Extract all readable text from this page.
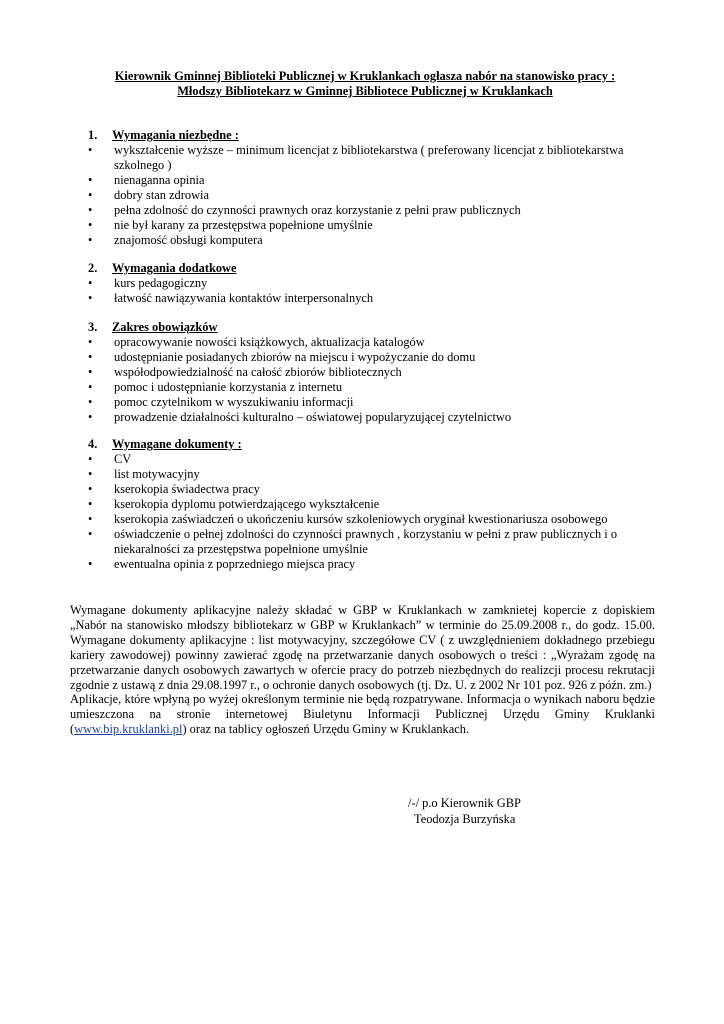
Kierownik Gminnej Biblioteki Publicznej w Kruklankach ogłasza nabór na stanowisko pracy :
Młodszy Bibliotekarz w Gminnej Bibliotece Publicznej w Kruklankach
1.	Wymagania niezbędne :
•	wykształcenie wyższe – minimum licencjat z bibliotekarstwa ( preferowany licencjat z bibliotekarstwa szkolnego )
•	nienaganna opinia
•	dobry stan zdrowia
•	pełna zdolność do czynności prawnych oraz korzystanie z pełni praw publicznych
•	nie był karany za przestępstwa popełnione umyślnie
•	znajomość obsługi komputera
2.	Wymagania dodatkowe
•	kurs pedagogiczny
•	łatwość nawiązywania kontaktów interpersonalnych
3.	Zakres obowiązków
•	opracowywanie nowości książkowych, aktualizacja katalogów
•	udostępnianie posiadanych zbiorów na miejscu i wypożyczanie do domu
•	współodpowiedzialność na całość zbiorów bibliotecznych
•	pomoc i udostępnianie korzystania z internetu
•	pomoc czytelnikom w wyszukiwaniu informacji
•	prowadzenie działalności kulturalno – oświatowej popularyzującej czytelnictwo
4.	Wymagane dokumenty :
•	CV
•	list motywacyjny
•	kserokopia świadectwa pracy
•	kserokopia dyplomu potwierdzającego wykształcenie
•	kserokopia zaświadczeń o ukończeniu kursów szkoleniowych oryginał kwestionariusza osobowego
•	oświadczenie o pełnej zdolności do czynności prawnych , korzystaniu w pełni z praw publicznych i o niekaralności za przestępstwa popełnione umyślnie
•	ewentualna opinia z poprzedniego miejsca pracy

Wymagane dokumenty aplikacyjne należy składać w GBP w Kruklankach w zamknietej kopercie z dopiskiem „Nabór na stanowisko młodszy bibliotekarz w GBP w Kruklankach” w terminie do 25.09.2008 r., do godz. 15.00. Wymagane dokumenty aplikacyjne : list motywacyjny, szczegółowe CV ( z uwzględnieniem dokładnego przebiegu kariery zawodowej) powinny zawierać zgodę na przetwarzanie danych osobowych o treści : „Wyrażam zgodę na przetwarzanie danych osobowych zawartych w ofercie pracy do potrzeb niezbędnych do realizcji procesu rekrutacji zgodnie z ustawą z dnia 29.08.1997 r., o ochronie danych osobowych (tj. Dz. U. z 2002 Nr 101 poz. 926 z późn. zm.)

Aplikacje, które wpłyną po wyżej określonym terminie nie będą rozpatrywane. Informacja o wynikach naboru będzie umieszczona na stronie internetowej Biuletynu Informacji Publicznej Urzędu Gminy Kruklanki (www.bip.kruklanki.pl) oraz na tablicy ogłoszeń Urzędu Gminy w Kruklankach.

/-/ p.o Kierownik GBP
Teodozja Burzyńska
